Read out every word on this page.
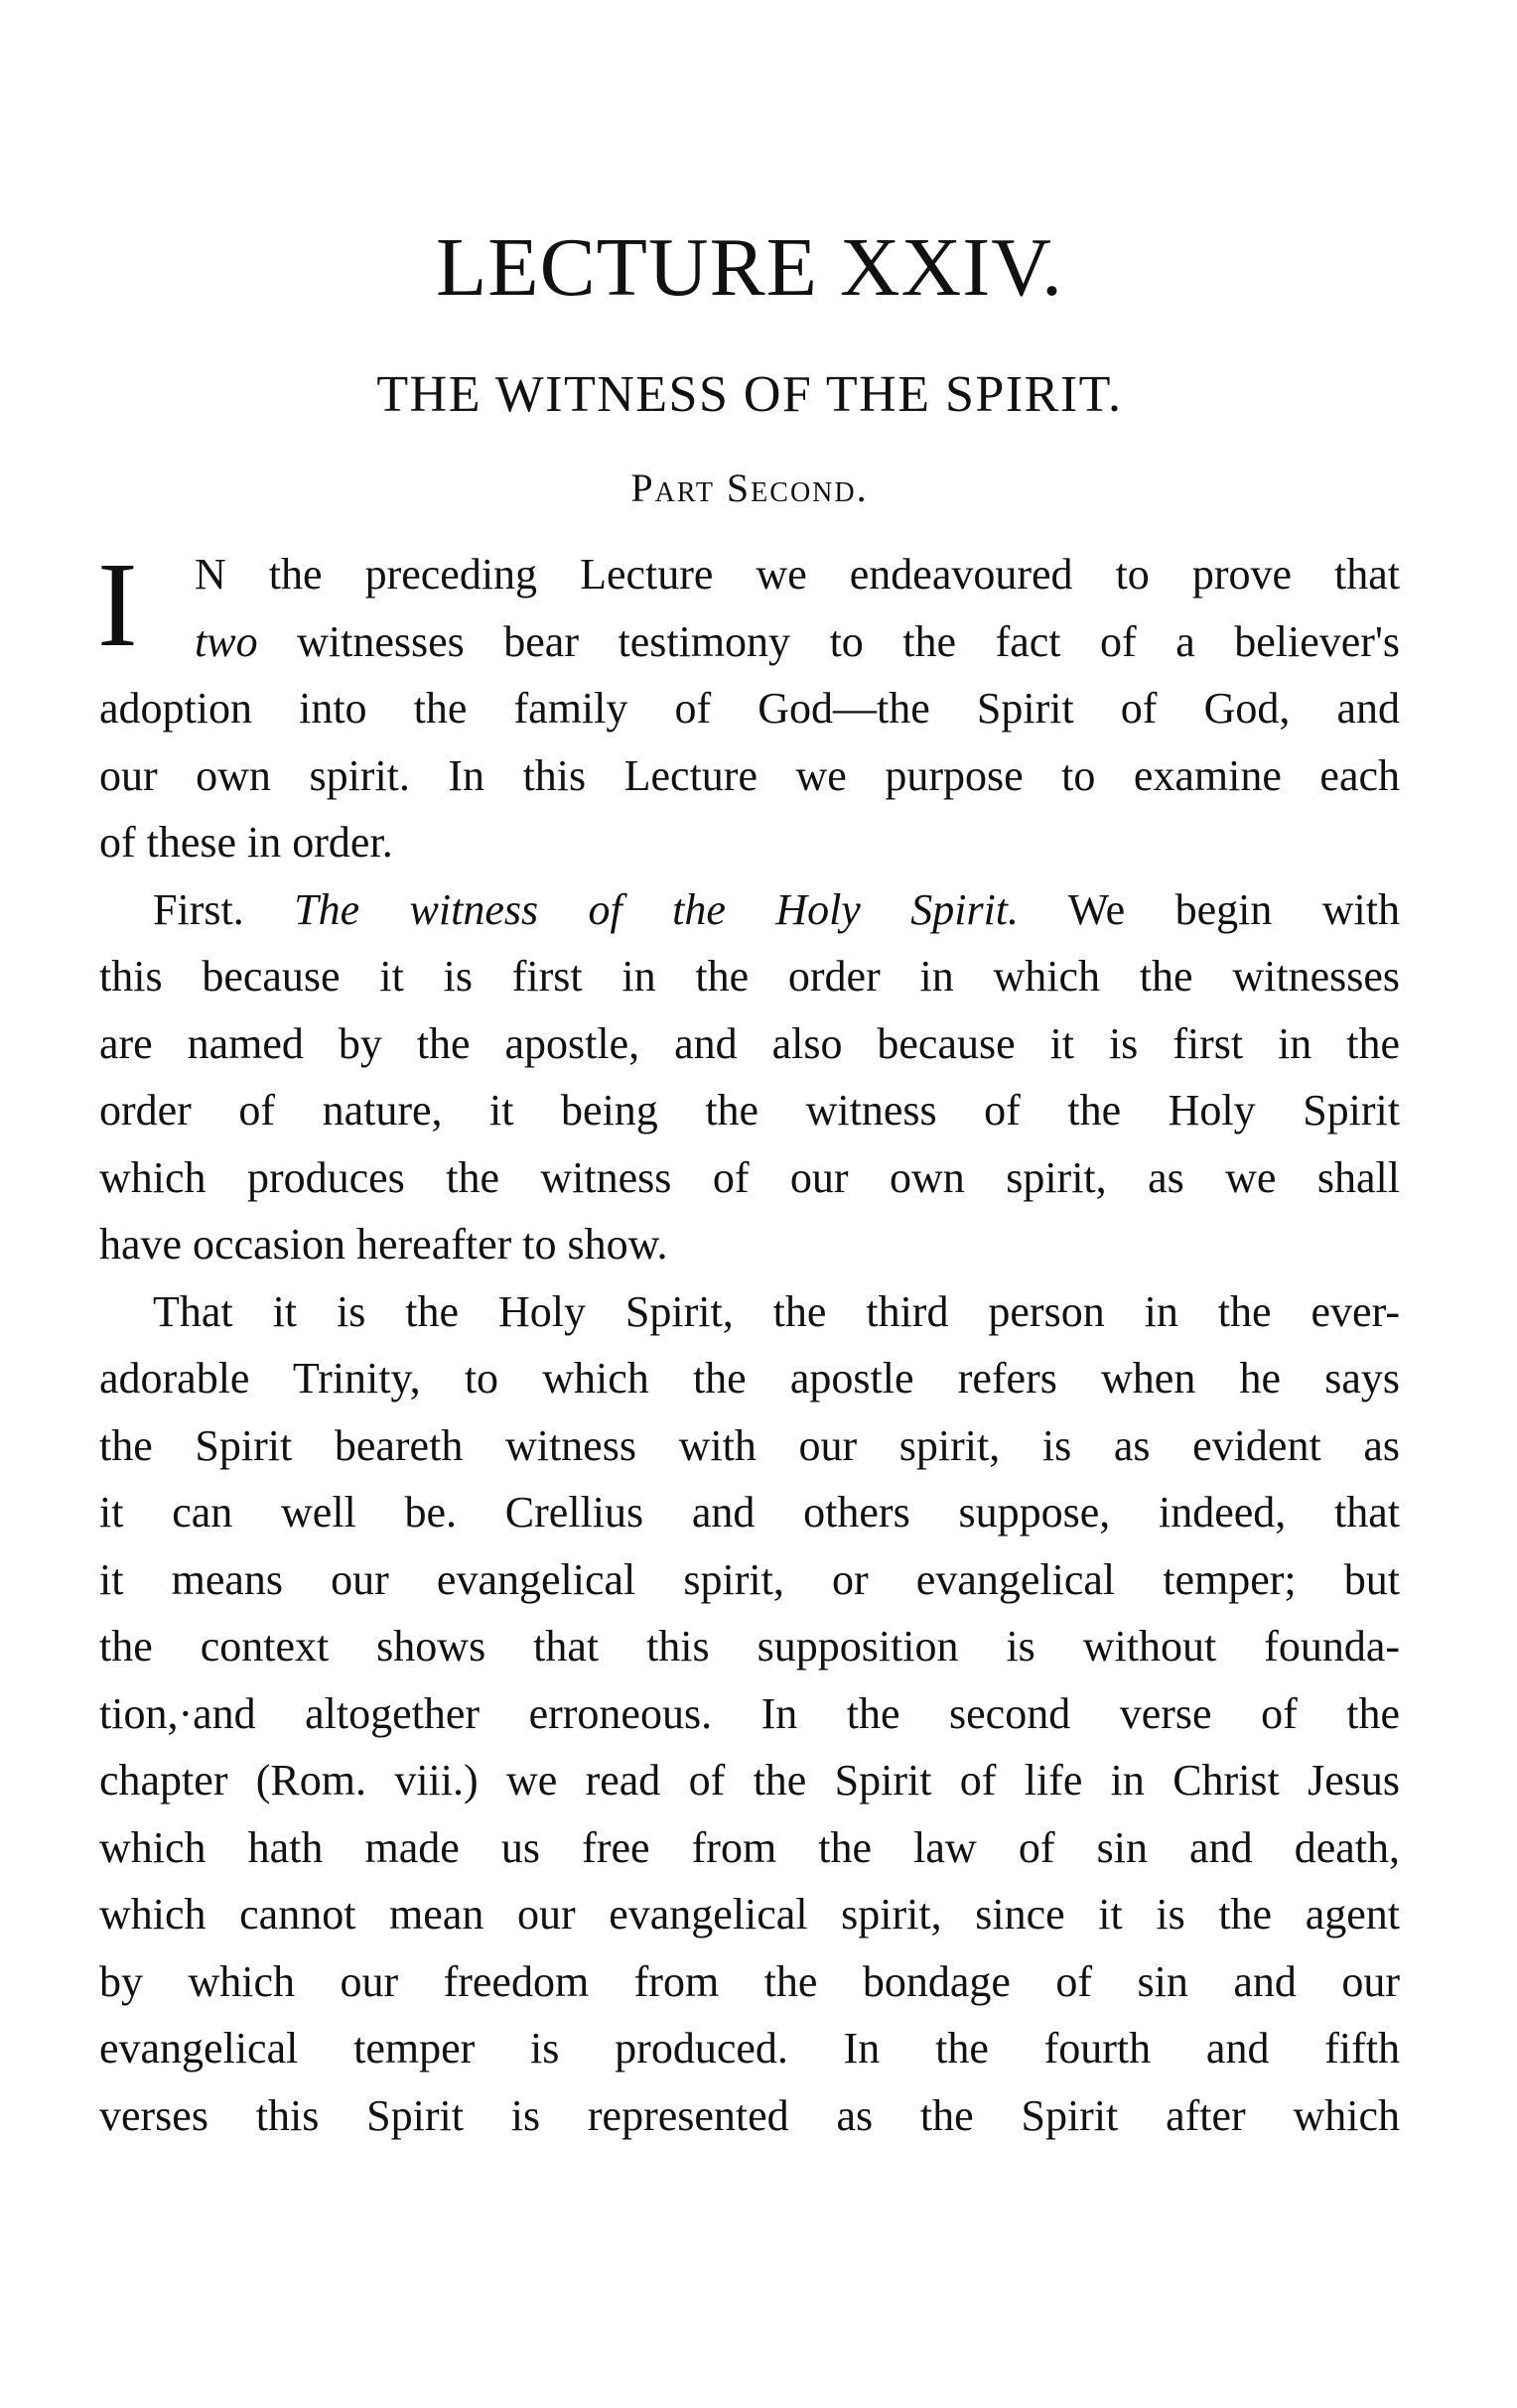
LECTURE XXIV.
THE WITNESS OF THE SPIRIT.
Part Second.
I	N the preceding Lecture we endeavoured to prove that
two witnesses bear testimony to the fact of a believer's
adoption into the family of God—the Spirit of God, and
our own spirit. In this Lecture we purpose to examine each
of these in order.
First. The witness of the Holy Spirit. We begin with
this because it is first in the order in which the witnesses
are named by the apostle, and also because it is first in the
order of nature, it being the witness of the Holy Spirit
which produces the witness of our own spirit, as we shall
have occasion hereafter to show.
That it is the Holy Spirit, the third person in the ever-
adorable Trinity, to which the apostle refers when he says
the Spirit beareth witness with our spirit, is as evident as
it can well be. Crellius and others suppose, indeed, that
it means our evangelical spirit, or evangelical temper; but
the context shows that this supposition is without founda-
tion,·and altogether erroneous. In the second verse of the
chapter (Rom. viii.) we read of the Spirit of life in Christ Jesus
which hath made us free from the law of sin and death,
which cannot mean our evangelical spirit, since it is the agent
by which our freedom from the bondage of sin and our
evangelical temper is produced. In the fourth and fifth
verses this Spirit is represented as the Spirit after which
